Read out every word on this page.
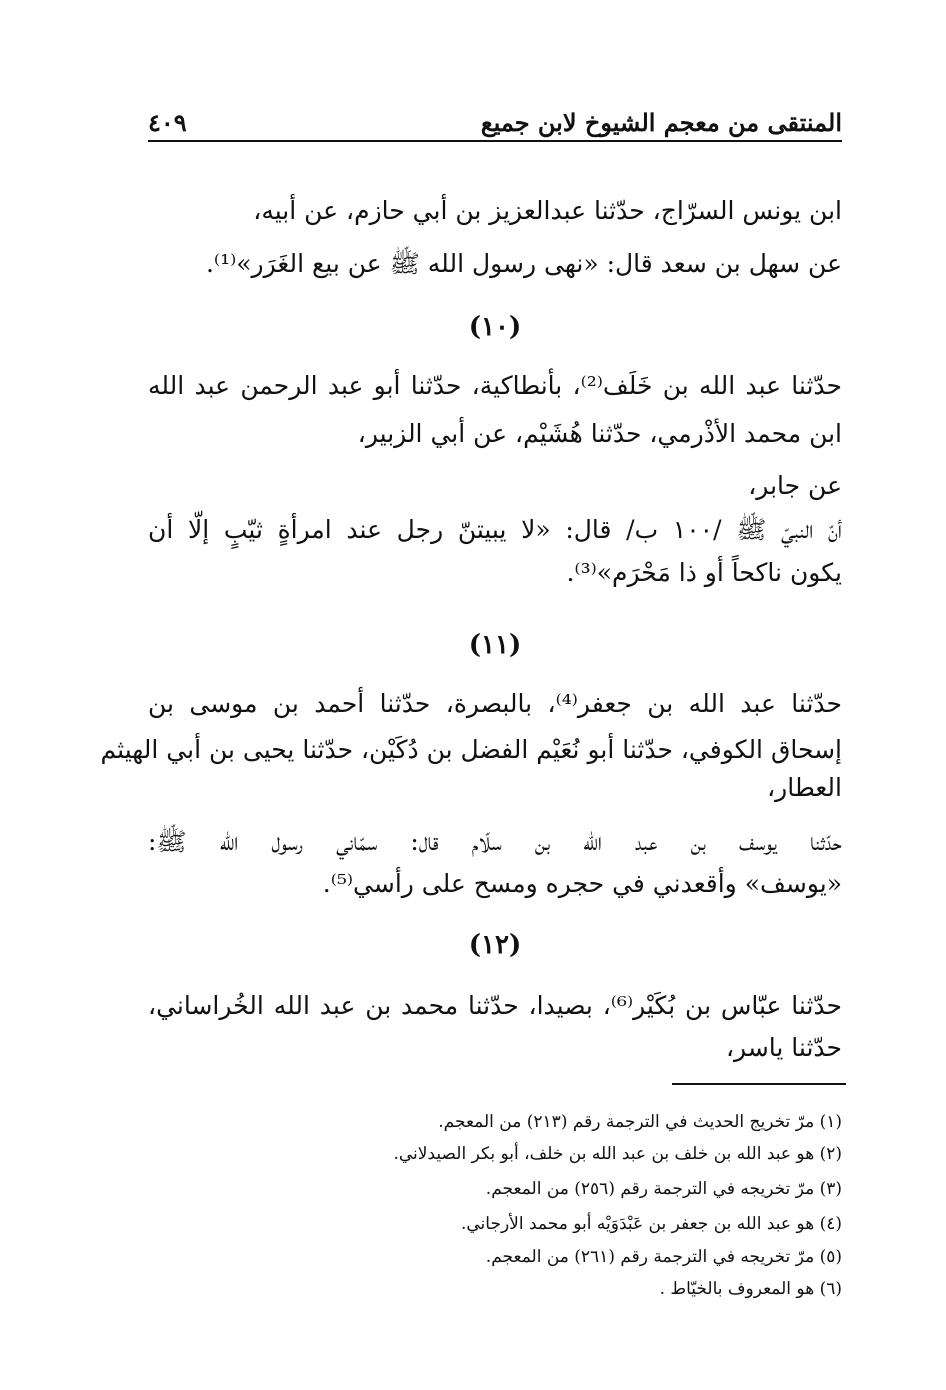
المنتقى من معجم الشيوخ لابن جميع
٤٠٩
ابن يونس السرّاج، حدّثنا عبدالعزيز بن أبي حازم، عن أبيه،
عن سهل بن سعد قال: «نهى رسول الله ﷺ عن بيع الغَرَر»⁽¹⁾.
(١٠)
حدّثنا عبد الله بن خَلَف⁽²⁾، بأنطاكية، حدّثنا أبو عبد الرحمن عبد الله
ابن محمد الأذْرمي، حدّثنا هُشَيْم، عن أبي الزبير،
عن جابر،
أنّ النبيّ ﷺ /١٠٠ ب/ قال: «لا يبيتنّ رجل عند امرأةٍ ثيّبٍ إلّا أن
يكون ناكحاً أو ذا مَحْرَم»⁽³⁾.
(١١)
حدّثنا عبد الله بن جعفر⁽⁴⁾، بالبصرة، حدّثنا أحمد بن موسى بن
إسحاق الكوفي، حدّثنا أبو نُعَيْم الفضل بن دُكَيْن، حدّثنا يحيى بن أبي الهيثم
العطار،
حدّثنا يوسف بن عبد الله بن سلّام قال: سمّاني رسول الله ﷺ:
«يوسف» وأقعدني في حجره ومسح على رأسي⁽⁵⁾.
(١٢)
حدّثنا عبّاس بن بُكَيْر⁽⁶⁾، بصيدا، حدّثنا محمد بن عبد الله الخُراساني،
حدّثنا ياسر،
(١) مرّ تخريج الحديث في الترجمة رقم (٢١٣) من المعجم.
(٢) هو عبد الله بن خلف بن عبد الله بن خلف، أبو بكر الصيدلاني.
(٣) مرّ تخريجه في الترجمة رقم (٢٥٦) من المعجم.
(٤) هو عبد الله بن جعفر بن عَبْدَوَيْه أبو محمد الأرجاني.
(٥) مرّ تخريجه في الترجمة رقم (٢٦١) من المعجم.
(٦) هو المعروف بالخيّاط .
